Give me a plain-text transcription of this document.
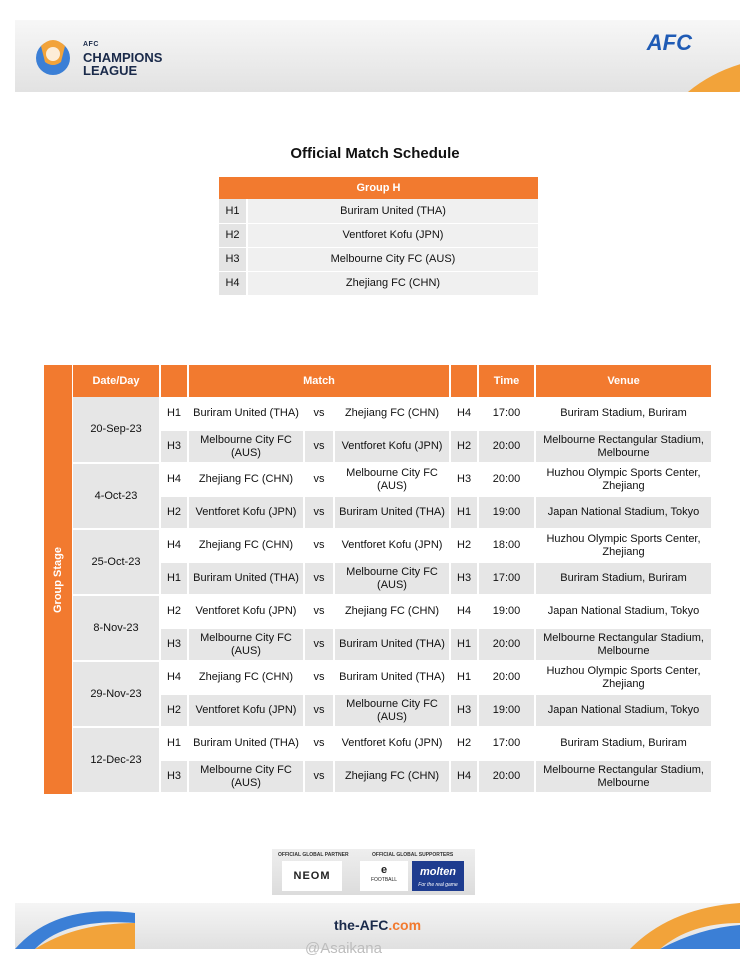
AFC
CHAMPIONS
LEAGUE
AFC
Official Match Schedule
Group H	
H1	Buriram United (THA)
H2	Ventforet Kofu (JPN)
H3	Melbourne City FC (AUS)
H4	Zhejiang FC (CHN)
Group Stage
Date/Day		Match				Time	Venue
20-Sep-23	H1	Buriram United (THA)	vs	Zhejiang FC (CHN)	H4	17:00	Buriram Stadium, Buriram
	H3	Melbourne City FC (AUS)	vs	Ventforet Kofu (JPN)	H2	20:00	Melbourne Rectangular Stadium, Melbourne
4-Oct-23	H4	Zhejiang FC (CHN)	vs	Melbourne City FC (AUS)	H3	20:00	Huzhou Olympic Sports Center, Zhejiang
	H2	Ventforet Kofu (JPN)	vs	Buriram United (THA)	H1	19:00	Japan National Stadium, Tokyo
25-Oct-23	H4	Zhejiang FC (CHN)	vs	Ventforet Kofu (JPN)	H2	18:00	Huzhou Olympic Sports Center, Zhejiang
	H1	Buriram United (THA)	vs	Melbourne City FC (AUS)	H3	17:00	Buriram Stadium, Buriram
8-Nov-23	H2	Ventforet Kofu (JPN)	vs	Zhejiang FC (CHN)	H4	19:00	Japan National Stadium, Tokyo
	H3	Melbourne City FC (AUS)	vs	Buriram United (THA)	H1	20:00	Melbourne Rectangular Stadium, Melbourne
29-Nov-23	H4	Zhejiang FC (CHN)	vs	Buriram United (THA)	H1	20:00	Huzhou Olympic Sports Center, Zhejiang
	H2	Ventforet Kofu (JPN)	vs	Melbourne City FC (AUS)	H3	19:00	Japan National Stadium, Tokyo
12-Dec-23	H1	Buriram United (THA)	vs	Ventforet Kofu (JPN)	H2	17:00	Buriram Stadium, Buriram
	H3	Melbourne City FC (AUS)	vs	Zhejiang FC (CHN)	H4	20:00	Melbourne Rectangular Stadium, Melbourne
OFFICIAL GLOBAL PARTNER	OFFICIAL GLOBAL SUPPORTERS
NEOM	e
FOOTBALL
molten
For the real game
the-AFC.com
@Asaikana
